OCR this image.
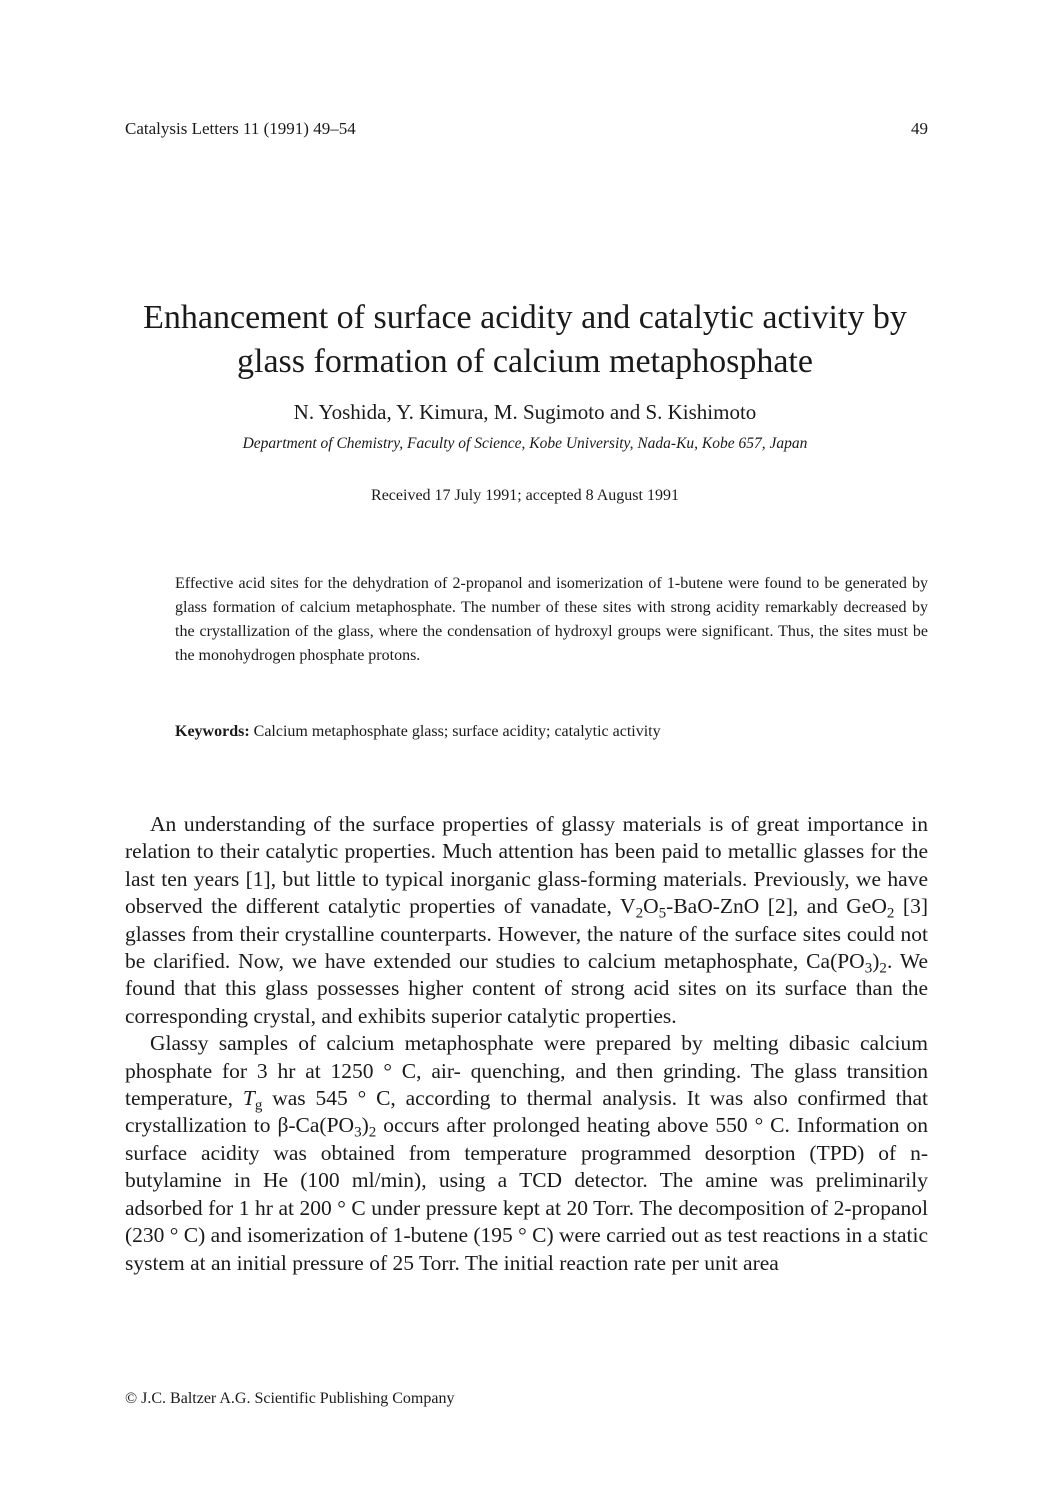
Catalysis Letters 11 (1991) 49–54	49
Enhancement of surface acidity and catalytic activity by
glass formation of calcium metaphosphate
N. Yoshida, Y. Kimura, M. Sugimoto and S. Kishimoto
Department of Chemistry, Faculty of Science, Kobe University, Nada-Ku, Kobe 657, Japan
Received 17 July 1991; accepted 8 August 1991

Effective acid sites for the dehydration of 2-propanol and isomerization of 1-butene were found to be generated by glass formation of calcium metaphosphate. The number of these sites with strong acidity remarkably decreased by the crystallization of the glass, where the condensation of hydroxyl groups were significant. Thus, the sites must be the monohydrogen phosphate protons.

Keywords: Calcium metaphosphate glass; surface acidity; catalytic activity

An understanding of the surface properties of glassy materials is of great importance in relation to their catalytic properties. Much attention has been paid to metallic glasses for the last ten years [1], but little to typical inorganic glass-forming materials. Previously, we have observed the different catalytic properties of vanadate, $V_2O_5-BaO$-ZnO [2], and GeO$_2$ [3] glasses from their crystalline counterparts. However, the nature of the surface sites could not be clarified. Now, we have extended our studies to calcium metaphosphate, $Ca(PO_3)_2$. We found that this glass possesses higher content of strong acid sites on its surface than the corresponding crystal, and exhibits superior catalytic properties.

Glassy samples of calcium metaphosphate were prepared by melting dibasic calcium phosphate for 3 hr at 1250 ° C, air- quenching, and then grinding. The glass transition temperature, $T_g$ was 545 ° C, according to thermal analysis. It was also confirmed that crystallization to $\beta-Ca(PO_3)_2$ occurs after prolonged heating above 550 ° C. Information on surface acidity was obtained from temperature programmed desorption (TPD) of n-butylamine in He (100 ml/min), using a TCD detector. The amine was preliminarily adsorbed for 1 hr at 200 ° C under pressure kept at 20 Torr. The decomposition of 2-propanol (230 ° C) and isomerization of 1-butene (195 ° C) were carried out as test reactions in a static system at an initial pressure of 25 Torr. The initial reaction rate per unit area

© J.C. Baltzer A.G. Scientific Publishing Company
